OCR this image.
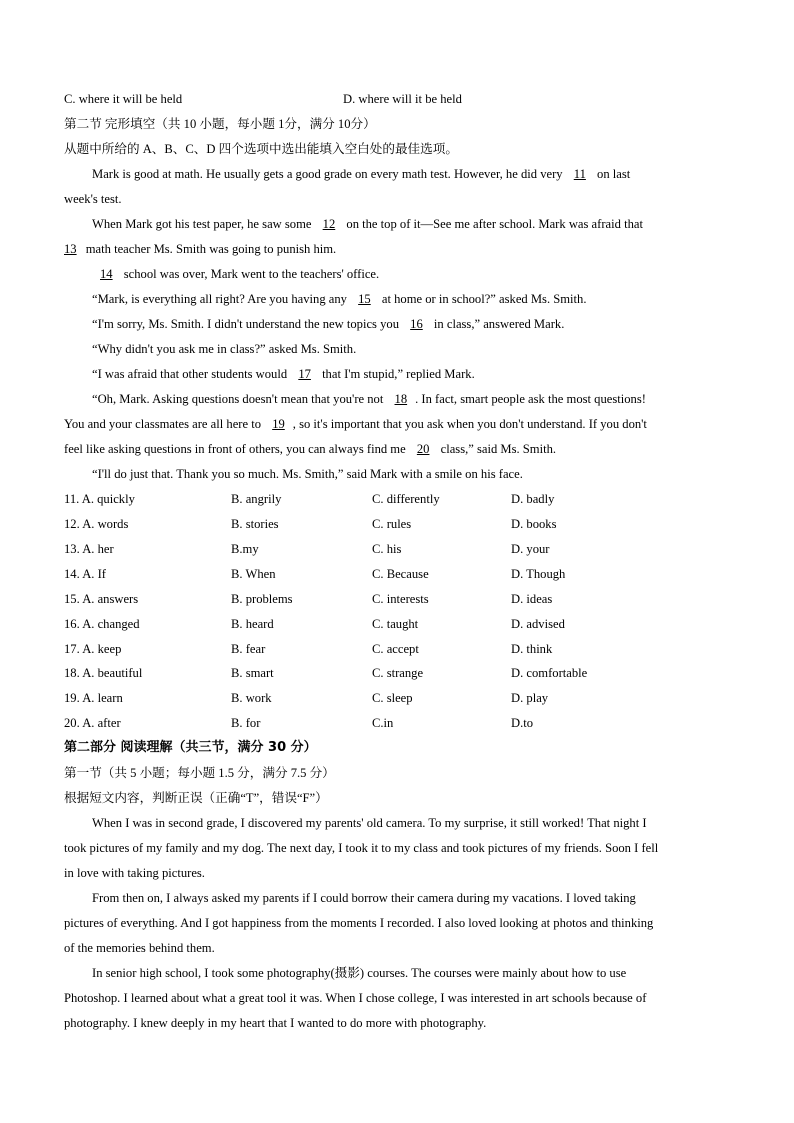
C. where it will be held	D. where will it be held
第二节 完形填空（共 10 小题，每小题 1分，满分 10分）
从题中所给的 A、B、C、D 四个选项中选出能填入空白处的最佳选项。
Mark is good at math. He usually gets a good grade on every math test. However, he did very 11 on last
week's test.
When Mark got his test paper, he saw some 12 on the top of it—See me after school. Mark was afraid that
13 math teacher Ms. Smith was going to punish him.
14 school was over, Mark went to the teachers' office.
“Mark, is everything all right? Are you having any 15 at home or in school?” asked Ms. Smith.
“I'm sorry, Ms. Smith. I didn't understand the new topics you 16 in class,” answered Mark.
“Why didn't you ask me in class?” asked Ms. Smith.
“I was afraid that other students would 17 that I'm stupid,” replied Mark.
“Oh, Mark. Asking questions doesn't mean that you're not 18 . In fact, smart people ask the most questions!
You and your classmates are all here to 19 , so it's important that you ask when you don't understand. If you don't
feel like asking questions in front of others, you can always find me 20 class,” said Ms. Smith.
“I'll do just that. Thank you so much. Ms. Smith,” said Mark with a smile on his face.
11. A. quickly	B. angrily	C. differently	D. badly
12. A. words	B. stories	C. rules	D. books
13. A. her	B.my	C. his	D. your
14. A. If	B. When	C. Because	D. Though
15. A. answers	B. problems	C. interests	D. ideas
16. A. changed	B. heard	C. taught	D. advised
17. A. keep	B. fear	C. accept	D. think
18. A. beautiful	B. smart	C. strange	D. comfortable
19. A. learn	B. work	C. sleep	D. play
20. A. after	B. for	C.in	D.to
第二部分 阅读理解（共三节，满分 30 分）
第一节（共 5 小题；每小题 1.5 分，满分 7.5 分）
根据短文内容，判断正误（正确“T”，错误“F”）
When I was in second grade, I discovered my parents' old camera. To my surprise, it still worked! That night I
took pictures of my family and my dog. The next day, I took it to my class and took pictures of my friends. Soon I fell
in love with taking pictures.
From then on, I always asked my parents if I could borrow their camera during my vacations. I loved taking
pictures of everything. And I got happiness from the moments I recorded. I also loved looking at photos and thinking
of the memories behind them.
In senior high school, I took some photography(摄影) courses. The courses were mainly about how to use
Photoshop. I learned about what a great tool it was. When I chose college, I was interested in art schools because of
photography. I knew deeply in my heart that I wanted to do more with photography.
